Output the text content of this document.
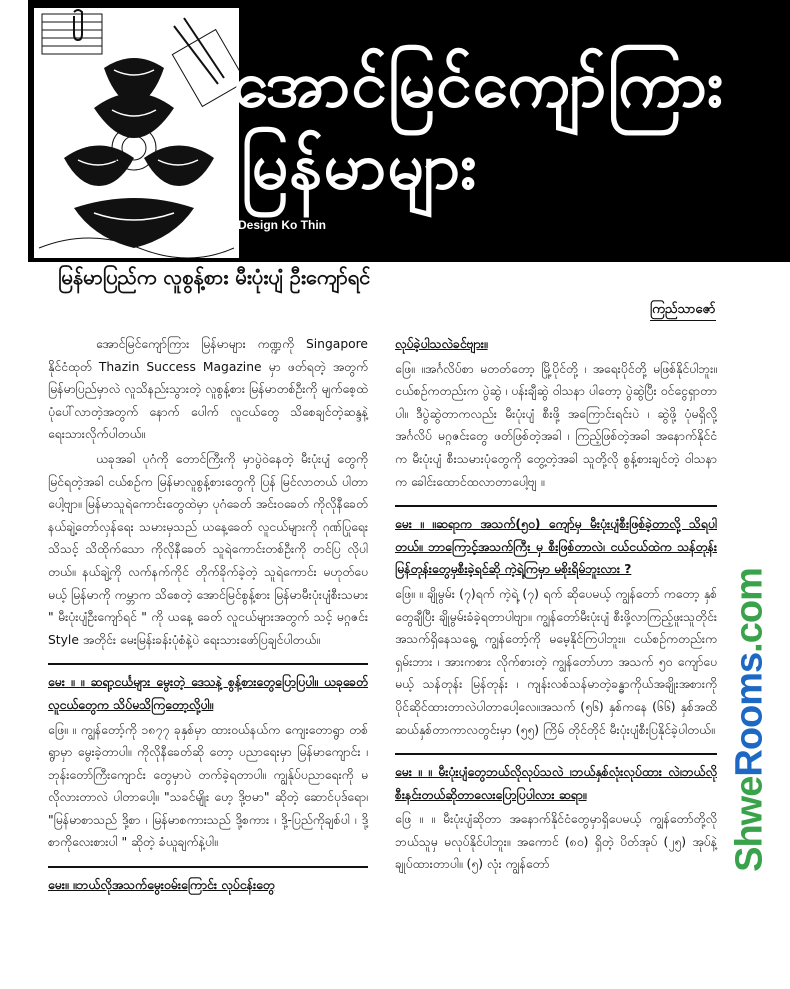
အောင်မြင်ကျော်ကြား
မြန်မာများ
Design Ko Thin
မြန်မာပြည်က လူစွန့်စား မီးပုံးပျံ ဦးကျော်ရင်
ကြည်သာဇော်

အောင်မြင်ကျော်ကြား မြန်မာများ ကဏ္ဍကို Singapore နိုင်ငံထုတ် Thazin Success Magazine မှာ ဖတ်ရတဲ့ အတွက် မြန်မာပြည်မှာလဲ လူသိနည်းသွားတဲ့ လူစွန့်စား မြန်မာတစ်ဦးကို မျက်စေ့ထဲ ပုံပေါ်လာတဲ့အတွက် နောက် ပေါက် လူငယ်တွေ သိစေချင်တဲ့ဆန္ဒနဲ့ ရေးသားလိုက်ပါတယ်။

ယခုအခါ ပုဂံကို တောင်ကြီးကို မှာပွဲဝဲနေတဲ့ မီးပုံးပျံ တွေကို မြင်ရတဲ့အခါ ငယ်စဉ်က မြန်မာလူစွန့်စားတွေကို ပြန် မြင်လာတယ် ပါတာပေါ့ဗျာ။ မြန်မာသူရဲကောင်းတွေထဲမှာ ပုဂံခေတ် အင်းဝခေတ် ကိုလိုနီခေတ် နယ်ချဲ့တော်လှန်ရေး သမားမှသည် ယနေ့ခေတ် လူငယ်များကို ဂုဏ်ပြုရေး သိသင့် သိထိုက်သော ကိုလိုနီခေတ် သူရဲကောင်းတစ်ဦးကို တင်ပြ လိုပါတယ်။ နယ်ချဲ့ကို လက်နက်ကိုင် တိုက်ခိုက်ခဲ့တဲ့ သူရဲကောင်း မဟုတ်ပေမယ့် မြန်မာကို ကမ္ဘာက သိစေတဲ့ အောင်မြင်စွန့်စား မြန်မာမီးပုံးပျံစီးသမား " မီးပုံးပျံဦးကျော်ရင် " ကို ယနေ့ ခေတ် လူငယ်များအတွက် သင့် မဂ္ဂဇင်း Style အတိုင်း မေးမြန်းခန်းပုံစံနဲ့ပဲ ရေးသားဖော်ပြချင်ပါတယ်။

မေး ။ ။ ဆရာ့ငင်္ယများ မွေးတဲ့ ဒေသနဲ့ စွန့်စားတွေပြောပြပါ။ ယခုခေတ် လူငယ်တွေက သိပ်မသိကြတော့လို့ပါ။

ဖြေ။ ။ ကျွန်တော့်ကို ၁၈၇၇ ခုနှစ်မှာ ထားဝယ်နယ်က ကျေးတောရွာ တစ်ရွာမှာ မွေးခဲ့တာပါ။ ကိုလိုနီခေတ်ဆို တော့ ပညာရေးမှာ မြန်မာကျောင်း ၊ ဘုန်းတော်ကြီးကျောင်း တွေမှာပဲ တက်ခဲ့ရတာပါ။ ကျွန်ုပ်ပညာရေးကို မလိုလားတာလဲ ပါတာပေါ့။ "သခင်မျိုး ဟေ့ ဒို့ဗမာ" ဆိုတဲ့ ဆောင်ပုဒ်ရော၊ "မြန်မာစာသည် ဒို့စာ ၊ မြန်မာစကားသည် ဒို့စကား ၊ ဒို့-ပြည်ကိုချစ်ပါ ၊ ဒို့စာကိုလေးစားပါ " ဆိုတဲ့ ခံယူချက်နဲ့ပါ။

မေး။ ။ဘယ်လိုအသက်မွေးဝမ်းကြောင်း လုပ်ငန်းတွေ

လုပ်ခဲ့ပါသလဲခင်ဗျား။

ဖြေ။ ။အင်္ဂလိပ်စာ မတတ်တော့ မြို့ပိုင်တို့ ၊ အရေးပိုင်တို့ မဖြစ်နိုင်ပါဘူး။ ငယ်စဉ်ကတည်းက ပွဲဆွဲ ၊ ပန်းချီဆွဲ ဝါသနာ ပါတော့ ပွဲဆွဲပြီး ဝင်ငွေရှာတာပါ။ ဒီပွဲဆွဲတာကလည်း မီးပုံးပျံ စီးဖို့ အကြောင်းရင်းပဲ ၊ ဆွဲဖို့ ပုံမရှိလို့ အင်္ဂလိပ် မဂ္ဂဇင်းတွေ ဖတ်ဖြစ်တဲ့အခါ ၊ ကြည့်ဖြစ်တဲ့အခါ အနောက်နိုင်ငံက မီးပုံးပျံ စီးသမားပုံတွေကို တွေ့တဲ့အခါ သူတို့လို စွန့်စားချင်တဲ့ ဝါသနာက ခေါင်းထောင်ထလာတာပေါ့ဗျ ။

မေး ။ ။ဆရာက အသက်(၅၀) ကျော်မှ မီးပုံးပျံစီးဖြစ်ခဲ့တာလို့ သိရပါတယ်။ ဘာကြောင့်အသက်ကြီး မှ စီးဖြစ်တာလဲ၊ ငယ်ငယ်ထဲက သန်တုန်း မြန်တုန်းတွေမှစီးခဲ့ရင်ဆို ကဲ့ရဲ့ကြမှာ မစိုးရိမ်ဘူးလား ?

ဖြေ။ ။ ချိုမွမ်း (၇)ရက် ကဲ့ရဲ့ (၇) ရက် ဆိုပေမယ့် ကျွန်တော် ကတော့ နှစ်တွေချီပြီး ချိုမွမ်းခံခဲ့ရတာပါဗျာ။ ကျွန်တော်မီးပုံးပျံ စီးဖို့လာကြည့်ဖူးသူတိုင်း အသက်ရှိနေသရွေ့ ကျွန်တော့်ကို မမေ့နိုင်ကြပါဘူး။ ငယ်စဉ်ကတည်းက ရှမ်းဘား ၊ အားကစား လိုက်စားတဲ့ ကျွန်တော်ဟာ အသက် ၅၀ ကျော်ပေမယ့် သန်တုန်း မြန်တုန်း ၊ ကျန်းလစ်သန်မာတဲ့ခန္ဓာကိုယ်အချိုးအစားကို ပိုင်ဆိုင်ထားတာလဲပါတာပေါ့လေ။အသက် (၅၆) နှစ်ကနေ (၆၆) နှစ်အထိ ဆယ်နှစ်တာကာလတွင်းမှာ (၅၅) ကြိမ် တိုင်တိုင် မီးပုံးပျံစီးပြနိုင်ခဲ့ပါတယ်။

မေး ။ ။ မီးပုံးပျံတွေဘယ်လိုလုပ်သလဲ ၊ဘယ်နှစ်လုံးလုပ်ထား လဲ၊ဘယ်လိုစီးနင်းတယ်ဆိုတာလေးပြောပြပါလား ဆရာ။

ဖြေ ။ ။ မီးပုံးပျံဆိုတာ အနောက်နိုင်ငံတွေမှာရှိပေမယ့် ကျွန်တော်တို့လို ဘယ်သူမှ မလုပ်နိုင်ပါဘူး။ အကောင် (၈၀) ရှိတဲ့ ပိတ်အုပ် (၂၅) အုပ်နဲ့ ချုပ်ထားတာပါ။ (၅) လုံး ကျွန်တော်	ShweRooms.com
